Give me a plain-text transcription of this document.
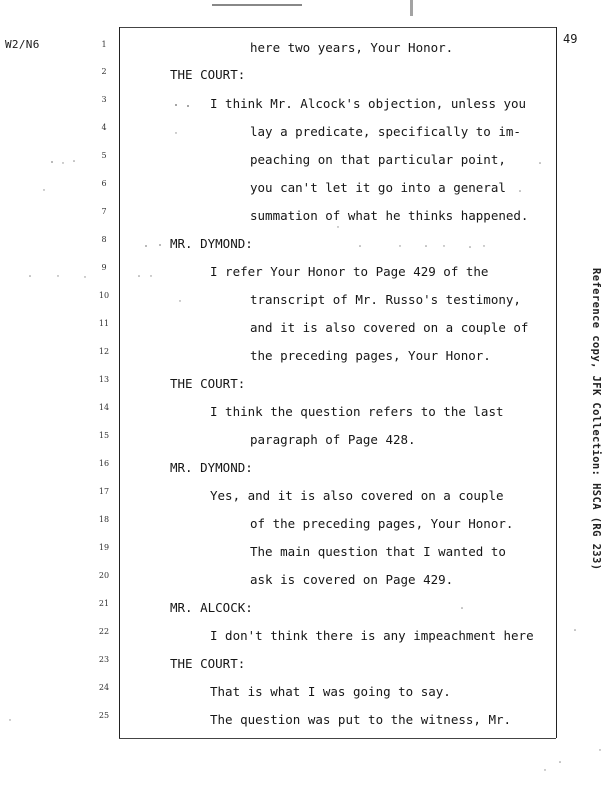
W2/N6	49
1
2
3
4
5
6
7
8
9
10
11
12
13
14
15
16
17
18
19
20
21
22
23
24
25
here two years, Your Honor.
THE COURT:
I think Mr. Alcock's objection, unless you
lay a predicate, specifically to im-
peaching on that particular point,
you can't let it go into a general
summation of what he thinks happened.
MR. DYMOND:
I refer Your Honor to Page 429 of the
transcript of Mr. Russo's testimony,
and it is also covered on a couple of
the preceding pages, Your Honor.
THE COURT:
I think the question refers to the last
paragraph of Page 428.
MR. DYMOND:
Yes, and it is also covered on a couple
of the preceding pages, Your Honor.
The main question that I wanted to
ask is covered on Page 429.
MR. ALCOCK:
I don't think there is any impeachment here
THE COURT:
That is what I was going to say.
The question was put to the witness, Mr.
Reference copy, JFK Collection: HSCA (RG 233)
